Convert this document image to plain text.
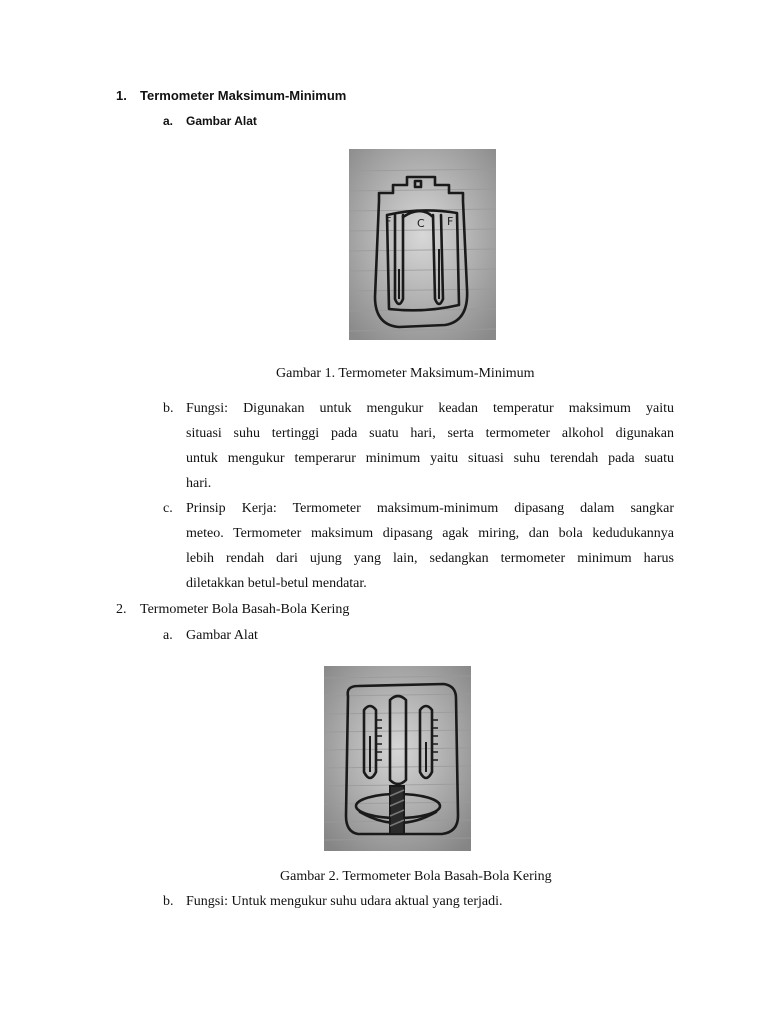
1. Termometer Maksimum-Minimum
a. Gambar Alat
F C F
Gambar 1. Termometer Maksimum-Minimum
b. Fungsi: Digunakan untuk mengukur keadan temperatur maksimum yaitu
situasi suhu tertinggi pada suatu hari, serta termometer alkohol digunakan
untuk mengukur temperarur minimum yaitu situasi suhu terendah pada suatu
hari.
c. Prinsip Kerja: Termometer maksimum-minimum dipasang dalam sangkar
meteo. Termometer maksimum dipasang agak miring, dan bola kedudukannya
lebih rendah dari ujung yang lain, sedangkan termometer minimum harus
diletakkan betul-betul mendatar.
2. Termometer Bola Basah-Bola Kering
a. Gambar Alat
Gambar 2. Termometer Bola Basah-Bola Kering
b. Fungsi: Untuk mengukur suhu udara aktual yang terjadi.
